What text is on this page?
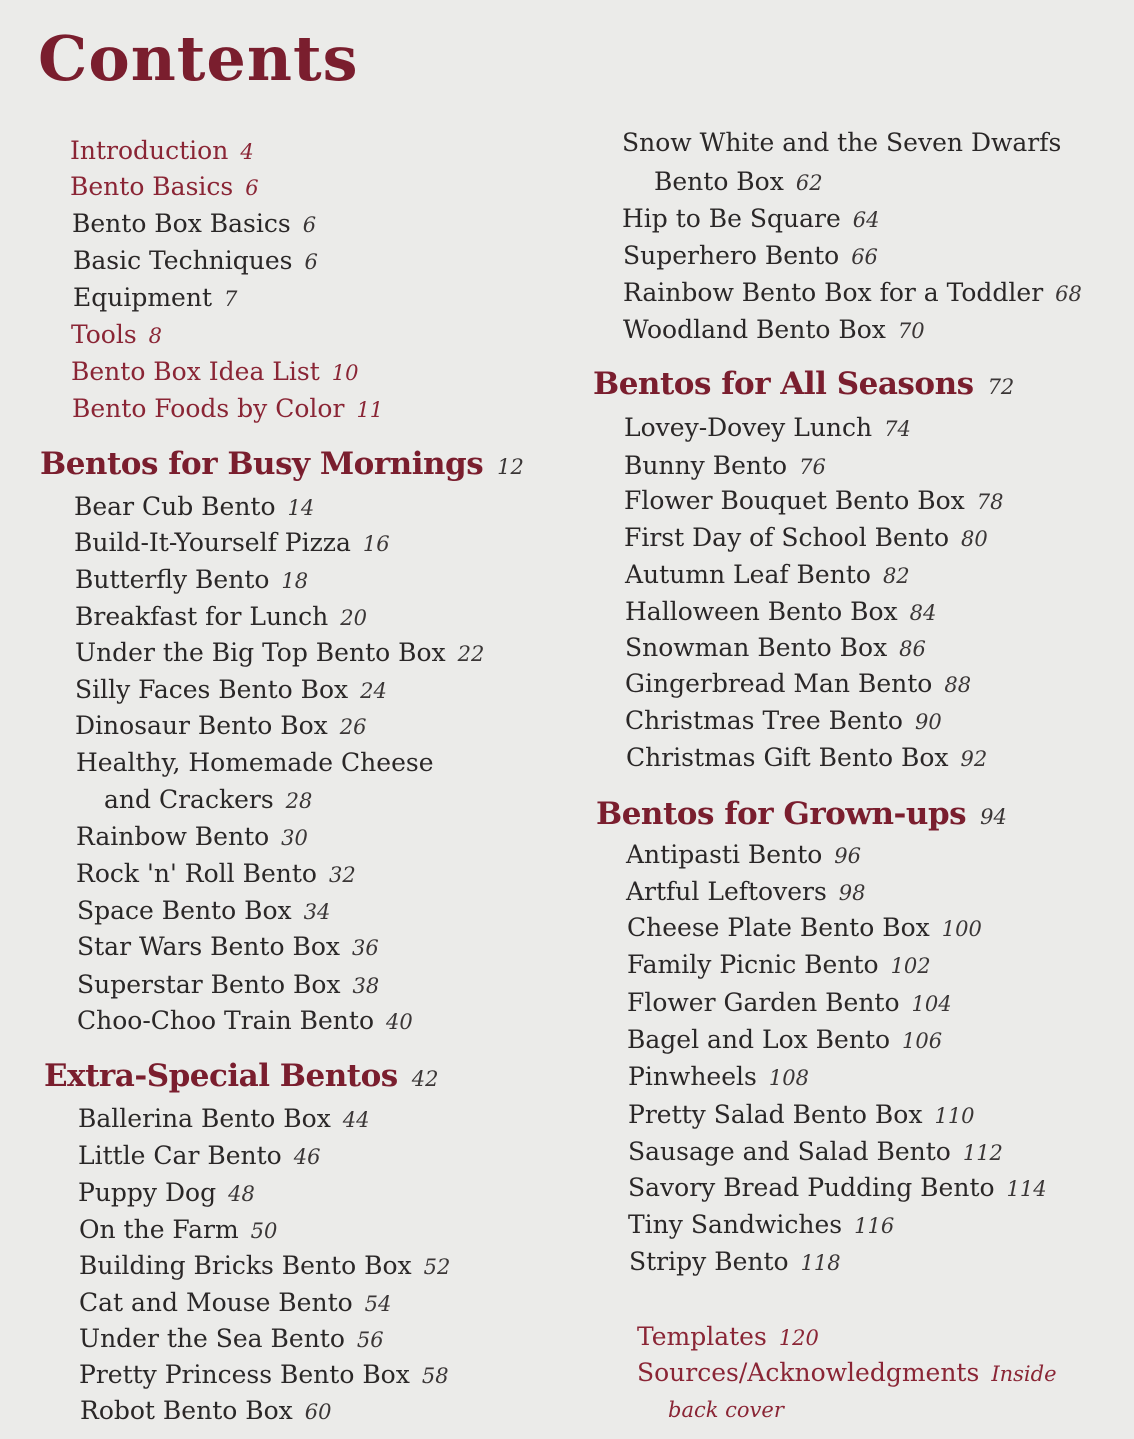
Contents
Introduction 4
Bento Basics 6
Bento Box Basics 6
Basic Techniques 6
Equipment 7
Tools 8
Bento Box Idea List 10
Bento Foods by Color 11
Bentos for Busy Mornings 12
Bear Cub Bento 14
Build-It-Yourself Pizza 16
Butterfly Bento 18
Breakfast for Lunch 20
Under the Big Top Bento Box 22
Silly Faces Bento Box 24
Dinosaur Bento Box 26
Healthy, Homemade Cheese
and Crackers 28
Rainbow Bento 30
Rock 'n' Roll Bento 32
Space Bento Box 34
Star Wars Bento Box 36
Superstar Bento Box 38
Choo-Choo Train Bento 40
Extra-Special Bentos 42
Ballerina Bento Box 44
Little Car Bento 46
Puppy Dog 48
On the Farm 50
Building Bricks Bento Box 52
Cat and Mouse Bento 54
Under the Sea Bento 56
Pretty Princess Bento Box 58
Robot Bento Box 60
Snow White and the Seven Dwarfs
Bento Box 62
Hip to Be Square 64
Superhero Bento 66
Rainbow Bento Box for a Toddler 68
Woodland Bento Box 70
Bentos for All Seasons 72
Lovey-Dovey Lunch 74
Bunny Bento 76
Flower Bouquet Bento Box 78
First Day of School Bento 80
Autumn Leaf Bento 82
Halloween Bento Box 84
Snowman Bento Box 86
Gingerbread Man Bento 88
Christmas Tree Bento 90
Christmas Gift Bento Box 92
Bentos for Grown-ups 94
Antipasti Bento 96
Artful Leftovers 98
Cheese Plate Bento Box 100
Family Picnic Bento 102
Flower Garden Bento 104
Bagel and Lox Bento 106
Pinwheels 108
Pretty Salad Bento Box 110
Sausage and Salad Bento 112
Savory Bread Pudding Bento 114
Tiny Sandwiches 116
Stripy Bento 118
Templates 120
Sources/Acknowledgments Inside
back cover
